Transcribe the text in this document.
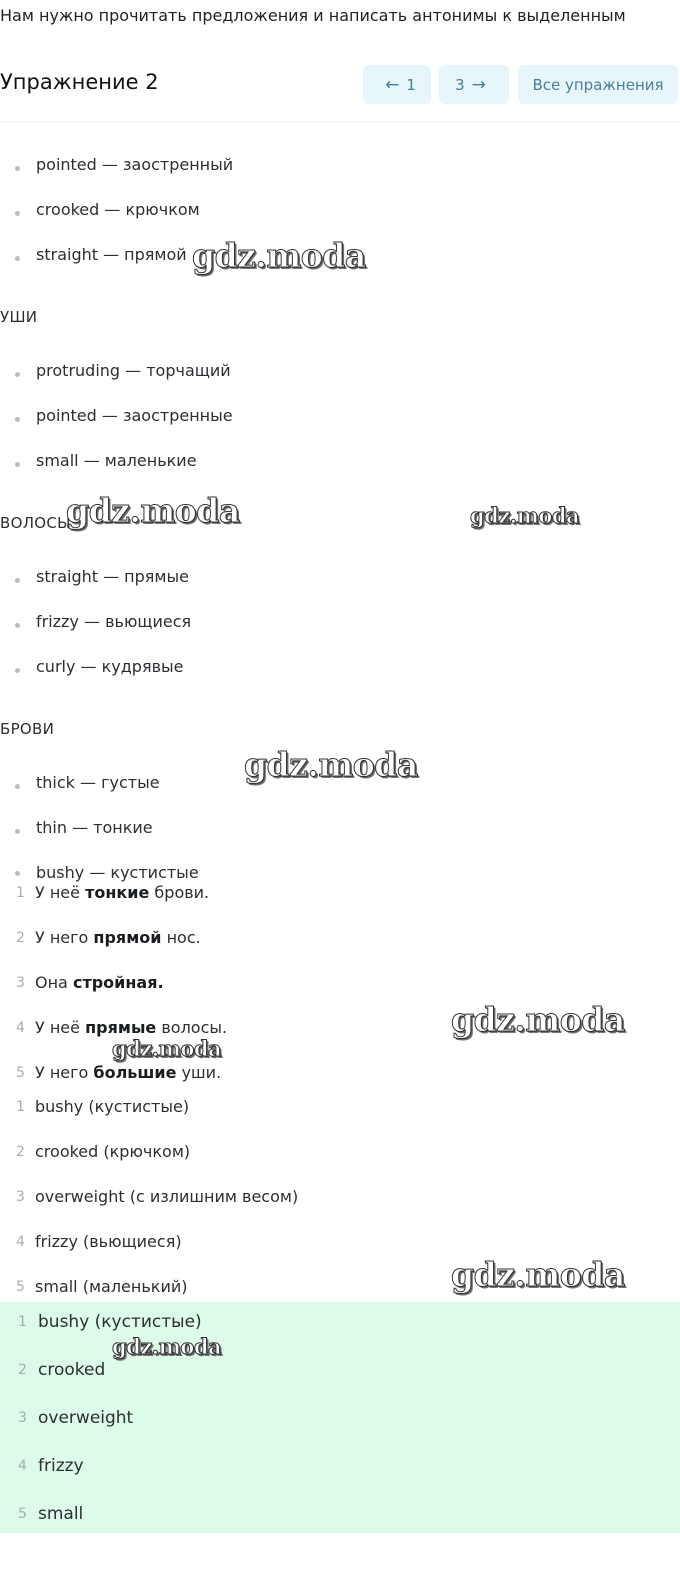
Нам нужно прочитать предложения и написать антонимы к выделенным
Упражнение 2	← 1	3 →	Все упражнения
pointed — заостренный
crooked — крючком
straight — прямой
УШИ
protruding — торчащий
pointed — заостренные
small — маленькие
ВОЛОСЫ
straight — прямые
frizzy — вьющиеся
curly — кудрявые
БРОВИ
thick — густые
thin — тонкие
bushy — кустистые
1 У неё тонкие брови.
2 У него прямой нос.
3 Она стройная.
4 У неё прямые волосы.
5 У него большие уши.
1 bushy (кустистые)
2 crooked (крючком)
3 overweight (с излишним весом)
4 frizzy (вьющиеся)
5 small (маленький)
1 bushy (кустистые)
2 crooked
3 overweight
4 frizzy
5 small
gdz.moda
gdz.moda	gdz.moda
gdz.moda
gdz.moda
gdz.moda
gdz.moda
gdz.moda
